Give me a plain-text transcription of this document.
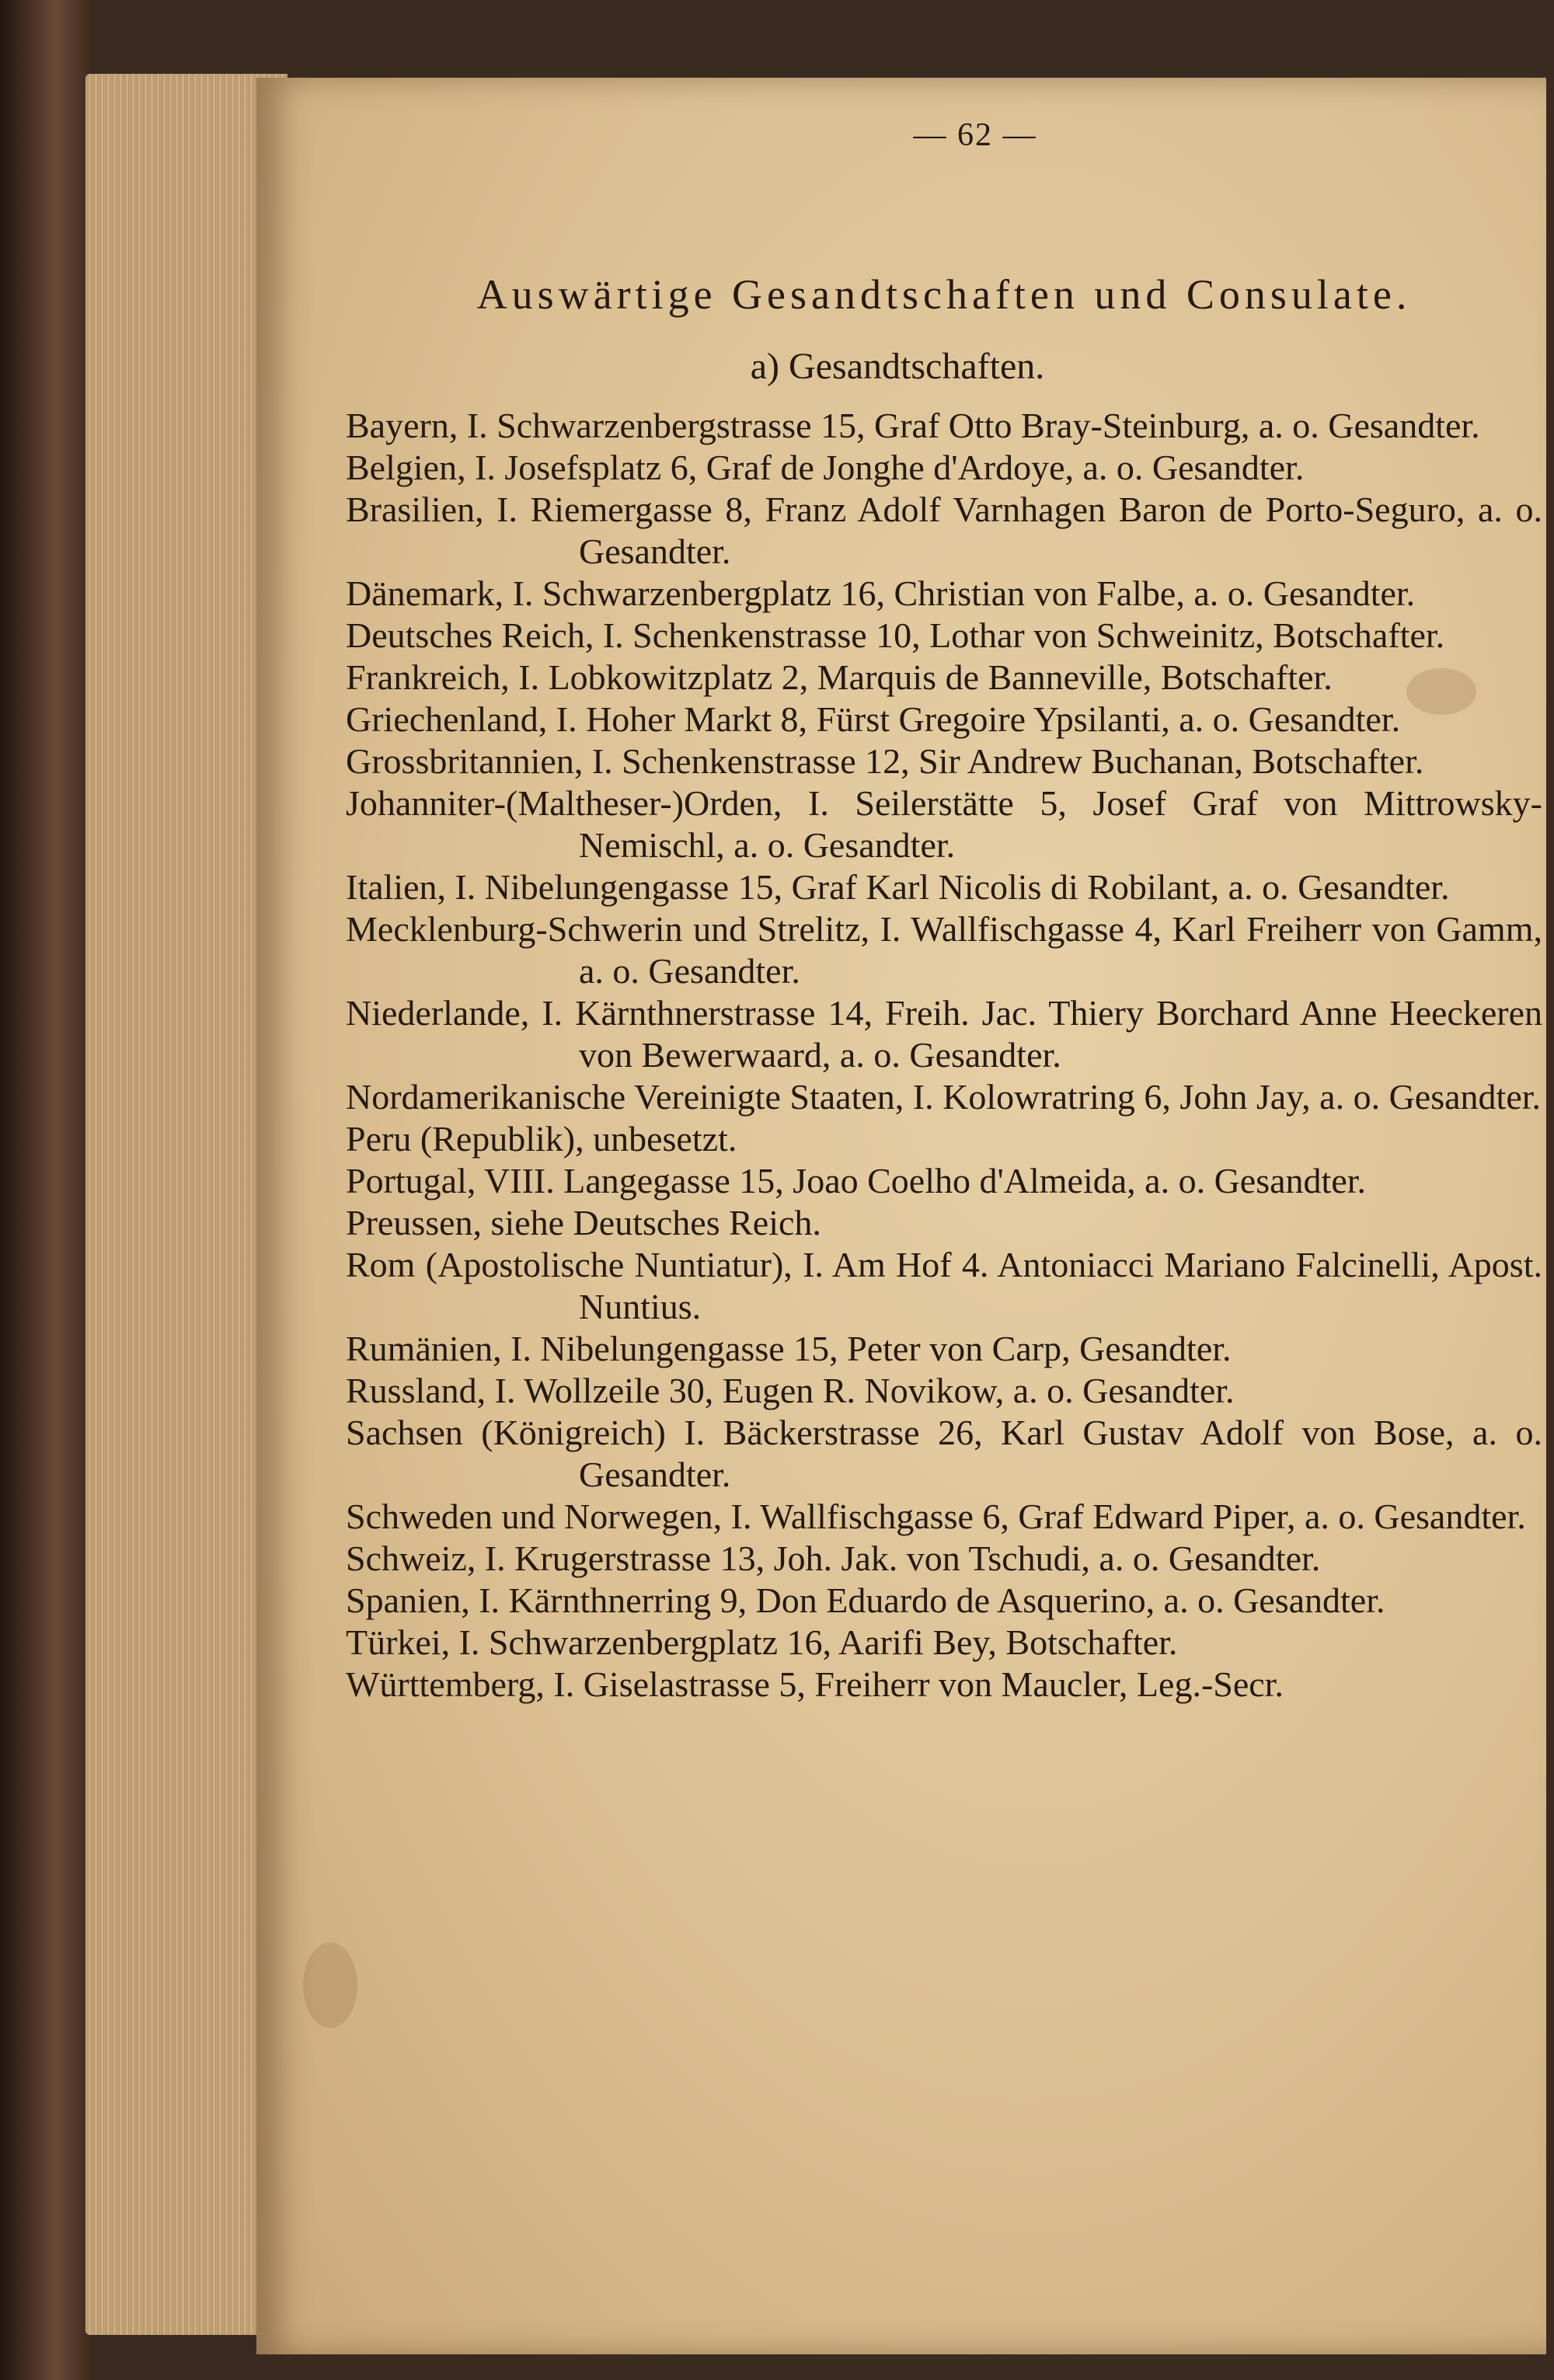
— 62 —
Auswärtige Gesandtschaften und Consulate.
a) Gesandtschaften.
Bayern, I. Schwarzenbergstrasse 15, Graf Otto Bray-Steinburg, a. o. Gesandter.
Belgien, I. Josefsplatz 6, Graf de Jonghe d'Ardoye, a. o. Gesandter.
Brasilien, I. Riemergasse 8, Franz Adolf Varnhagen Baron de Porto-Seguro, a. o. Gesandter.
Dänemark, I. Schwarzenbergplatz 16, Christian von Falbe, a. o. Gesandter.
Deutsches Reich, I. Schenkenstrasse 10, Lothar von Schweinitz, Botschafter.
Frankreich, I. Lobkowitzplatz 2, Marquis de Banneville, Botschafter.
Griechenland, I. Hoher Markt 8, Fürst Gregoire Ypsilanti, a. o. Gesandter.
Grossbritannien, I. Schenkenstrasse 12, Sir Andrew Buchanan, Botschafter.
Johanniter-(Maltheser-)Orden, I. Seilerstätte 5, Josef Graf von Mittrowsky-Nemischl, a. o. Gesandter.
Italien, I. Nibelungengasse 15, Graf Karl Nicolis di Robilant, a. o. Gesandter.
Mecklenburg-Schwerin und Strelitz, I. Wallfischgasse 4, Karl Freiherr von Gamm, a. o. Gesandter.
Niederlande, I. Kärnthnerstrasse 14, Freih. Jac. Thiery Borchard Anne Heeckeren von Bewerwaard, a. o. Gesandter.
Nordamerikanische Vereinigte Staaten, I. Kolowratring 6, John Jay, a. o. Gesandter.
Peru (Republik), unbesetzt.
Portugal, VIII. Langegasse 15, Joao Coelho d'Almeida, a. o. Gesandter.
Preussen, siehe Deutsches Reich.
Rom (Apostolische Nuntiatur), I. Am Hof 4. Antoniacci Mariano Falcinelli, Apost. Nuntius.
Rumänien, I. Nibelungengasse 15, Peter von Carp, Gesandter.
Russland, I. Wollzeile 30, Eugen R. Novikow, a. o. Gesandter.
Sachsen (Königreich) I. Bäckerstrasse 26, Karl Gustav Adolf von Bose, a. o. Gesandter.
Schweden und Norwegen, I. Wallfischgasse 6, Graf Edward Piper, a. o. Gesandter.
Schweiz, I. Krugerstrasse 13, Joh. Jak. von Tschudi, a. o. Gesandter.
Spanien, I. Kärnthnerring 9, Don Eduardo de Asquerino, a. o. Gesandter.
Türkei, I. Schwarzenbergplatz 16, Aarifi Bey, Botschafter.
Württemberg, I. Giselastrasse 5, Freiherr von Maucler, Leg.-Secr.
